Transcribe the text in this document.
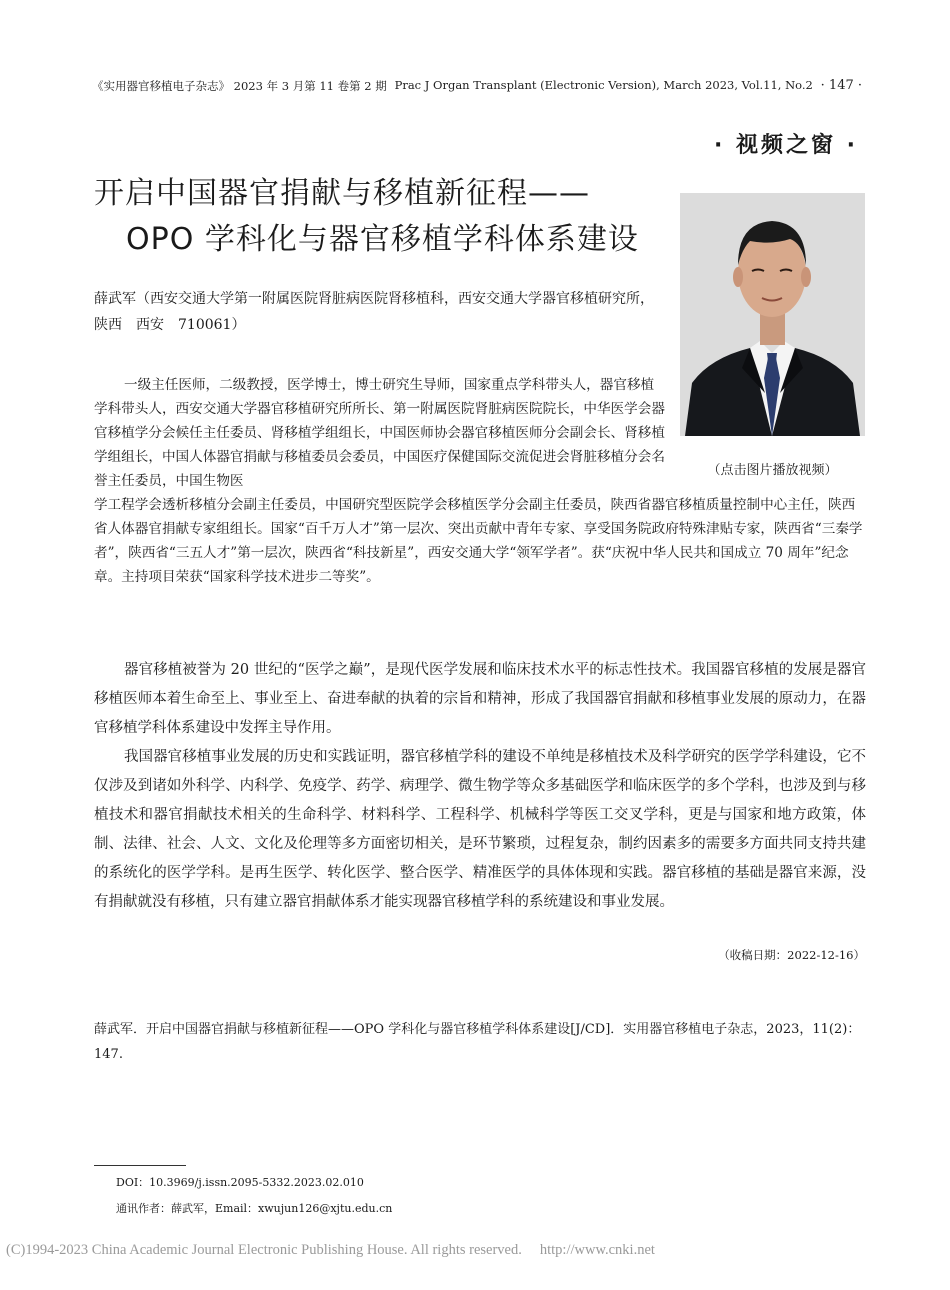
《实用器官移植电子杂志》 2023 年 3 月第 11 卷第 2 期 Prac J Organ Transplant (Electronic Version), March 2023, Vol.11, No.2 · 147 ·
· 视频之窗 ·
开启中国器官捐献与移植新征程——
OPO 学科化与器官移植学科体系建设
（点击图片播放视频）
薛武军（西安交通大学第一附属医院肾脏病医院肾移植科，西安交通大学器官移植研究所，陕西　西安　710061）
一级主任医师，二级教授，医学博士，博士研究生导师，国家重点学科带头人，器官移植学科带头人，西安交通大学器官移植研究所所长、第一附属医院肾脏病医院院长，中华医学会器官移植学分会候任主任委员、肾移植学组组长，中国医师协会器官移植医师分会副会长、肾移植学组组长，中国人体器官捐献与移植委员会委员，中国医疗保健国际交流促进会肾脏移植分会名誉主任委员，中国生物医
学工程学会透析移植分会副主任委员，中国研究型医院学会移植医学分会副主任委员，陕西省器官移植质量控制中心主任，陕西省人体器官捐献专家组组长。国家“百千万人才”第一层次、突出贡献中青年专家、享受国务院政府特殊津贴专家，陕西省“三秦学者”，陕西省“三五人才”第一层次，陕西省“科技新星”，西安交通大学“领军学者”。获“庆祝中华人民共和国成立 70 周年”纪念章。主持项目荣获“国家科学技术进步二等奖”。

器官移植被誉为 20 世纪的“医学之巅”，是现代医学发展和临床技术水平的标志性技术。我国器官移植的发展是器官移植医师本着生命至上、事业至上、奋进奉献的执着的宗旨和精神，形成了我国器官捐献和移植事业发展的原动力，在器官移植学科体系建设中发挥主导作用。

我国器官移植事业发展的历史和实践证明，器官移植学科的建设不单纯是移植技术及科学研究的医学学科建设，它不仅涉及到诸如外科学、内科学、免疫学、药学、病理学、微生物学等众多基础医学和临床医学的多个学科，也涉及到与移植技术和器官捐献技术相关的生命科学、材料科学、工程科学、机械科学等医工交叉学科，更是与国家和地方政策，体制、法律、社会、人文、文化及伦理等多方面密切相关，是环节繁琐，过程复杂，制约因素多的需要多方面共同支持共建的系统化的医学学科。是再生医学、转化医学、整合医学、精准医学的具体体现和实践。器官移植的基础是器官来源，没有捐献就没有移植，只有建立器官捐献体系才能实现器官移植学科的系统建设和事业发展。

（收稿日期：2022-12-16）
薛武军．开启中国器官捐献与移植新征程——OPO 学科化与器官移植学科体系建设[J/CD]．实用器官移植电子杂志，2023，11(2)：147.
DOI：10.3969/j.issn.2095-5332.2023.02.010
通讯作者：薛武军，Email：xwujun126@xjtu.edu.cn
(C)1994-2023 China Academic Journal Electronic Publishing House. All rights reserved. http://www.cnki.net
